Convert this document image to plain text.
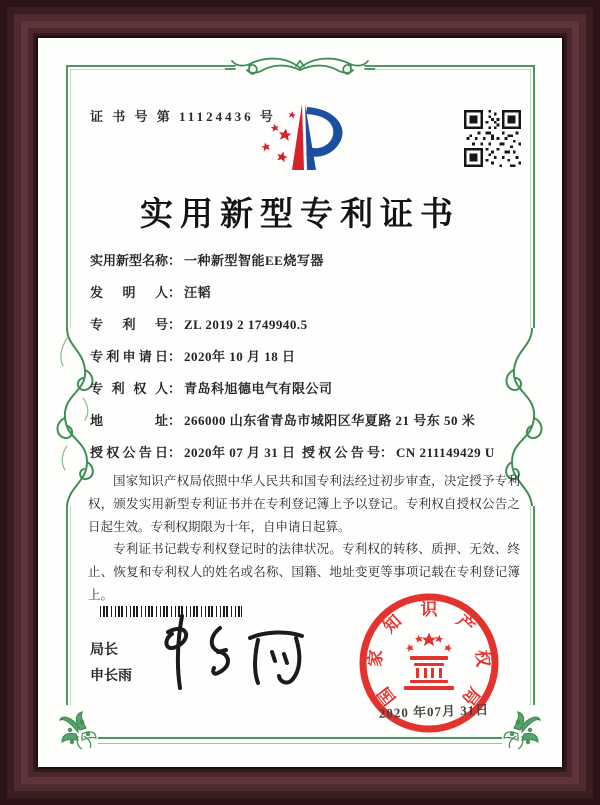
证 书 号 第 11124436 号
实用新型专利证书
实用新型名称 ： 一种新型智能EE烧写器
发明人 ： 汪韬
专利号 ： ZL 2019 2 1749940.5
专利申请日 ： 2020年 10 月 18 日
专利权人 ： 青岛科旭德电气有限公司
地址 ： 266000 山东省青岛市城阳区华夏路 21 号东 50 米
授权公告日 ： 2020年 07 月 31 日 授权公告号 ： CN 211149429 U

国家知识产权局依照中华人民共和国专利法经过初步审查，决定授予专利权，颁发实用新型专利证书并在专利登记簿上予以登记。专利权自授权公告之日起生效。专利权期限为十年，自申请日起算。

专利证书记载专利权登记时的法律状况。专利权的转移、质押、无效、终止、恢复和专利权人的姓名或名称、国籍、地址变更等事项记载在专利登记簿上。

局长
申长雨
国
家
知
识
产
权
局
2020 年07月 31日
